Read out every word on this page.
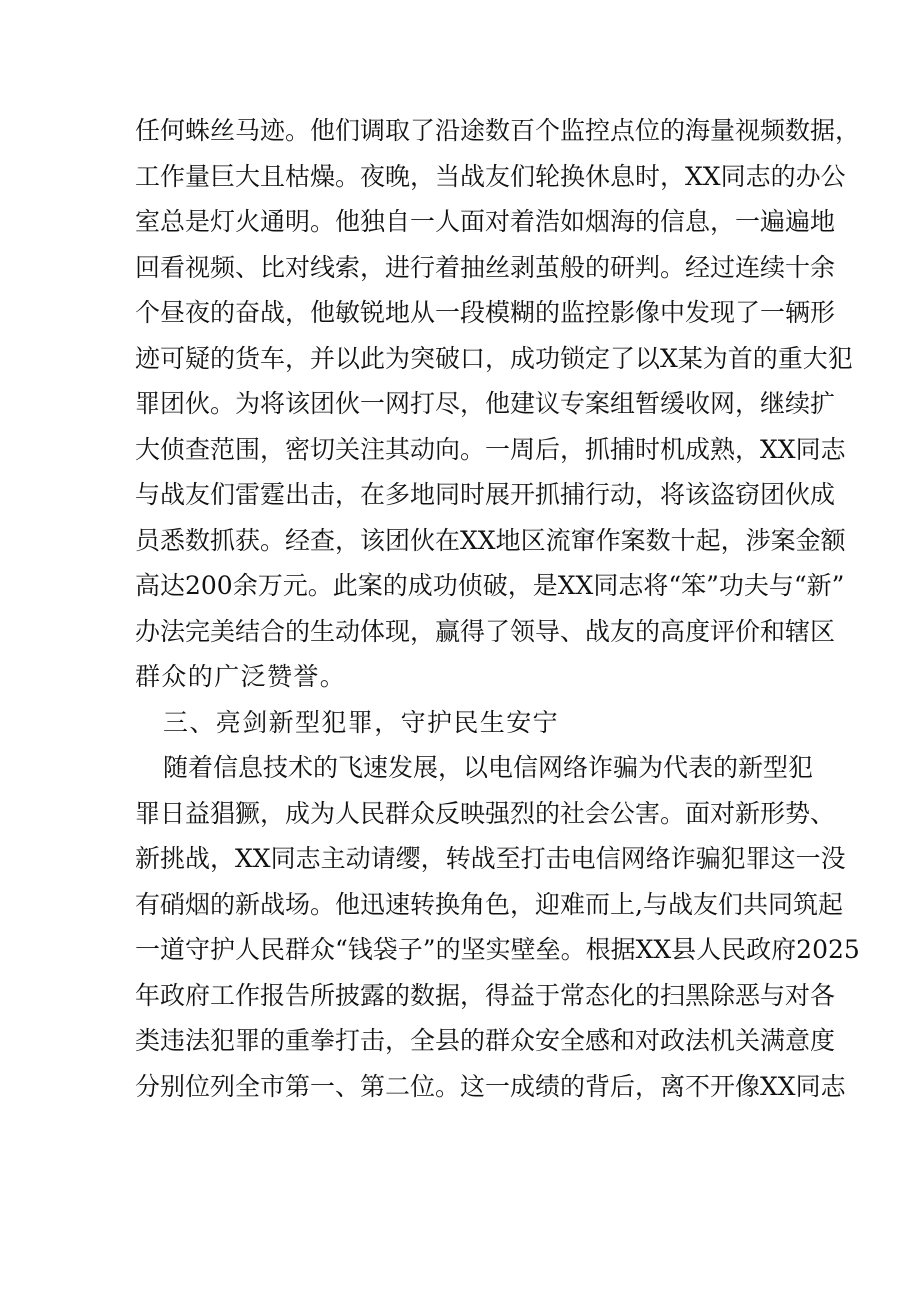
任何蛛丝马迹。他们调取了沿途数百个监控点位的海量视频数据，
工作量巨大且枯燥。夜晚，当战友们轮换休息时，XX同志的办公
室总是灯火通明。他独自一人面对着浩如烟海的信息，一遍遍地
回看视频、比对线索，进行着抽丝剥茧般的研判。经过连续十余
个昼夜的奋战，他敏锐地从一段模糊的监控影像中发现了一辆形
迹可疑的货车，并以此为突破口，成功锁定了以X某为首的重大犯
罪团伙。为将该团伙一网打尽，他建议专案组暂缓收网，继续扩
大侦查范围，密切关注其动向。一周后，抓捕时机成熟，XX同志
与战友们雷霆出击，在多地同时展开抓捕行动，将该盗窃团伙成
员悉数抓获。经查，该团伙在XX地区流窜作案数十起，涉案金额
高达200余万元。此案的成功侦破，是XX同志将“笨”功夫与“新”
办法完美结合的生动体现，赢得了领导、战友的高度评价和辖区
群众的广泛赞誉。
三、亮剑新型犯罪，守护民生安宁
随着信息技术的飞速发展，以电信网络诈骗为代表的新型犯
罪日益猖獗，成为人民群众反映强烈的社会公害。面对新形势、
新挑战，XX同志主动请缨，转战至打击电信网络诈骗犯罪这一没
有硝烟的新战场。他迅速转换角色，迎难而上,与战友们共同筑起
一道守护人民群众“钱袋子”的坚实壁垒。根据XX县人民政府2025
年政府工作报告所披露的数据，得益于常态化的扫黑除恶与对各
类违法犯罪的重拳打击，全县的群众安全感和对政法机关满意度
分别位列全市第一、第二位。这一成绩的背后，离不开像XX同志
